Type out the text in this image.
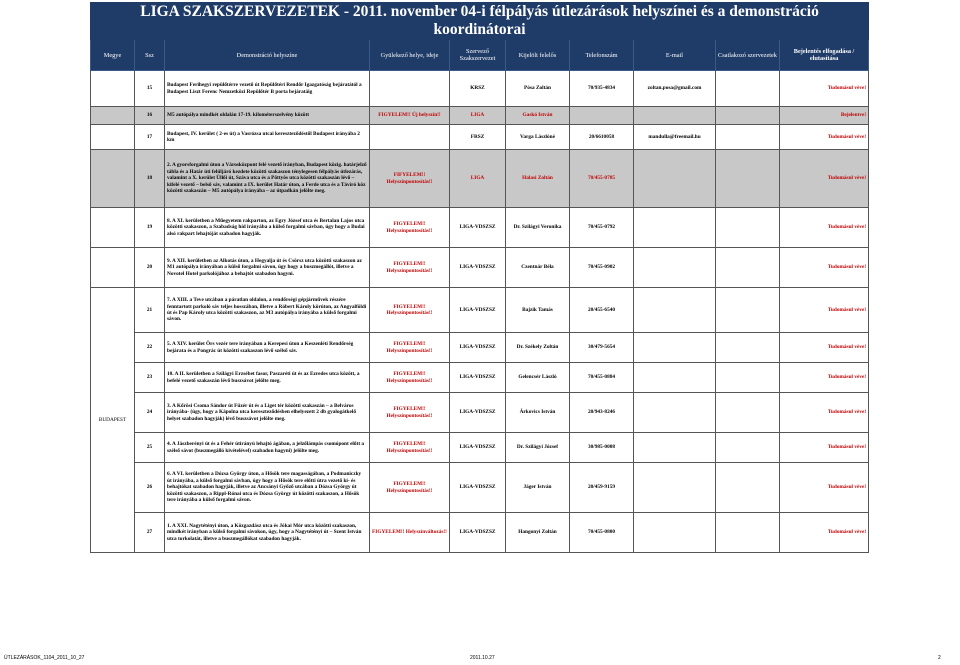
LIGA SZAKSZERVEZETEK - 2011. november 04-i félpályás útlezárások helyszínei és a demonstráció koordinátorai									
Megye	Ssz	Demonstráció helyszíne	Gyülekező helye, ideje	Szervező Szakszervezet	Kijelölt felelős	Telefonszám	E-mail	Csatlakozó szervezetek	Bejelentés elfogadása / elutasítása
	15	Budapest Ferihegyi repülőtérre vezető út Repülőtéri Rendőr Igazgatóság bejáratától a Budapest Liszt Ferenc Nemzetközi Repülőtér B porta bejáratáig		KRSZ	Pósa Zoltán	70/935-4834	zoltan.posa@gmail.com		Tudomásul vève!
	16	M5 autópálya mindkét oldalán 17-19. kilométerszelvény között	FIGYELEM!! Új helyszín!!	LIGA	Gaskó István				Bejelentve!
	17	Budapest, IV. kerület ( 2-es út) a Vasrózsa utcai kereszteződéstől Budapest irányába 2 km		FRSZ	Varga Lászlóné	20/6610058	mandulla@freemail.hu		Tudomásul vève!
	18	2. A gyorsforgalmi úton a Városközpont felé vezető irányban, Budapest közig. határjelző tábla és a Határ úti felüljáró kezdete közötti szakaszon ténylegesen félpályás útlezárás, valamint a X. kerület Üllői út, Száva utca és a Pöttyös utca közötti szakaszán lévő – kifelé vezető – belső sáv, valamint a IX. kerület Határ úton, a Ferde utca és a Távíró köz közötti szakaszán – M5 autópálya irányába – az útpadkán jelölte meg.	FIFYELEM!! Helyszínpontosítás!!	LIGA	Halasi Zoltán	70/455-0785			Tudomásul vève!
	19	8. A XI. kerületben a Műegyetem rakparton, az Egry József utca és Bertalan Lajos utca közötti szakaszon, a Szabadság híd irányába a külső forgalmi sávban, úgy hogy a Budai alsó rakpart lehajtóját szabadon hagyják.	FIGYELEM!! Helyszínpontosítás!!	LIGA-VDSZSZ	Dr. Szilágyi Veronika	70/455-0792			Tudomásul vève!
	20	9. A XII. kerületben az Alkotás úton, a Hegyalja út és Csörsz utca közötti szakaszon az M1 autópálya irányában a külső forgalmi sávon, úgy hogy a buszmegállót, illetve a Novotel Hotel parkolójához a behajtót szabadon hagyni.	FIGYELEM!! Helyszínpontosítás!!	LIGA-VDSZSZ	Czentnár Béla	70/455-0902			Tudomásul vève!
BUDAPEST	21	7. A XIII. a Teve utcában a páratlan oldalon, a rendőrségi gépjárművek részére fenntartott parkoló sáv teljes hosszában, illetve a Róbert Károly körúton, az Angyalföldi út és Pap Károly utca közötti szakaszon, az M3 autópálya irányába a külső forgalmi sávon.	FIGYELEM!! Helyszínpontosítás!!	LIGA-VDSZSZ	Bajzik Tamás	20/455-6540			Tudomásul vève!
	22	5. A XIV. kerület Örs vezér tere irányában a Kerepesi úton a Keszenléti Rendőrség bejárata és a Pongrác út közötti szakaszon lévő szélső sáv.	FIGYELEM!! Helyszínpontosítás!!	LIGA-VDSZSZ	Dr. Székely Zoltán	30/479-5654			Tudomásul vève!
	23	10. A II. kerületben a Szilágyi Erzsébet fasor, Paszaréti út és az Ezredes utca között, a befelé vezető szakaszán lévő buszsávot jelölte meg.	FIGYELEM!! Helyszínpontosítás!!	LIGA-VDSZSZ	Gelencsér László	70/455-0884			Tudomásul vève!
	24	3. A Kőrösi Csoma Sándor út Füzér út és a Liget tér közötti szakaszán – a Belváros irányába- (úgy, hogy a Kápolna utca kereszteződésben elhelyezett 2 db gyalogátkelő helyet szabadon hagyják) lévő buszsávot jelölte meg.	FIGYELEM!! Helyszínpontosítás!!	LIGA-VDSZSZ	Árkovics István	20/943-8246			Tudomásul vève!
	25	4. A Jászberényi út és a Fehér útirányú lehajtó ágában, a jelzőlámpás csomópont előtt a szélső sávot (buszmegálló kivételével) szabadon hagyni) jelölte meg.	FIGYELEM!! Helyszínpontosítás!!	LIGA-VDSZSZ	Dr. Szilágyi József	30/985-0008			Tudomásul vève!
	26	6. A VI. kerületben a Dózsa György úton, a Hősök tere magasságában, a Podmaniczky út irányába, a külső forgalmi sávban, úgy hogy a Hősök tere előtti útra vezető ki- és behajtókat szabadon hagyják, illetve az Ancsányi Győző utcában a Dózsa György út közötti szakaszon, a Rippl-Rónai utca és Dózsa György út közötti szakaszon, a Hősök tere irányába a külső forgalmi sávon.	FIGYELEM!! Helyszínpontosítás!!	LIGA-VDSZSZ	Jáger István	20/459-9159			Tudomásul vève!
	27	1. A XXI. Nagytétényi úton, a Közgazdász utca és Jókai Mór utca közötti szakaszon, mindkét irányban a külső forgalmi sávokon, úgy, hogy a Nagytétényi út – Szent István utca torkolatát, illetve a buszmegállókat szabadon hagyják.	FIGYELEM!! Helyszínváltozás!!	LIGA-VDSZSZ	Hangonyi Zoltán	70/455-0800			Tudomásul vève!
ÚTLEZÁRÁSOK_1104_2011_10_27	2011.10.27	2
